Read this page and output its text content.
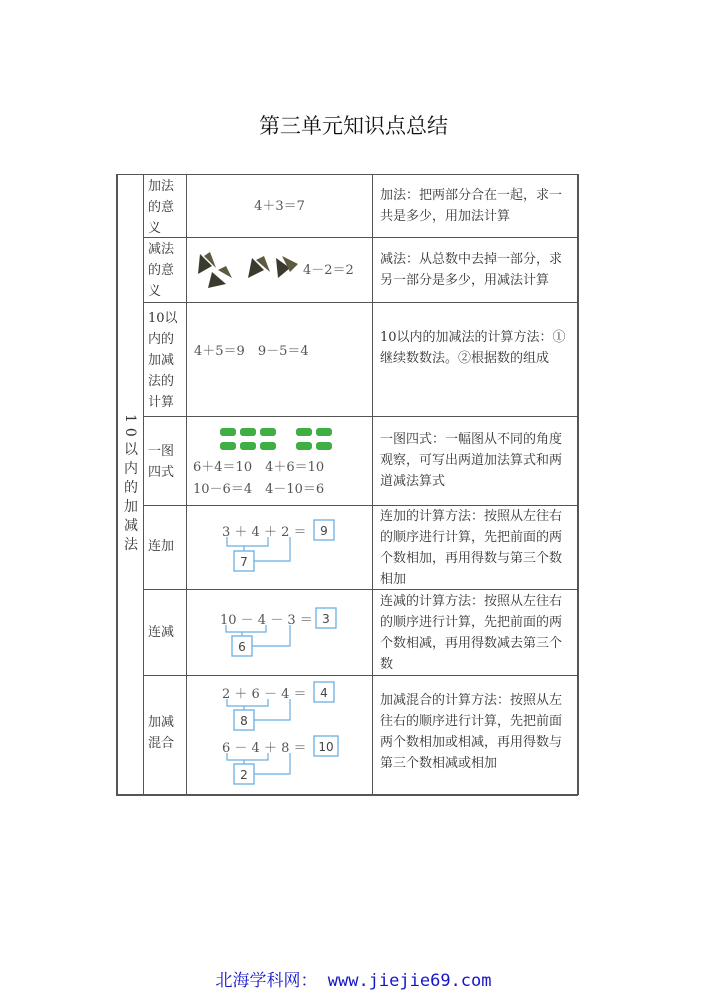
第三单元知识点总结
10以内的加减法
加法的意义
4＋3＝7
加法：把两部分合在一起，求一共是多少，用加法计算
减法的意义
4－2＝2
减法：从总数中去掉一部分，求另一部分是多少，用减法计算
10以内的加减法的计算
4＋5＝9　9－5＝4
10以内的加减法的计算方法：①继续数数法。②根据数的组成
一图四式	6＋4＝10　4＋6＝10
10－6＝4　4－10＝6
一图四式：一幅图从不同的角度观察，可写出两道加法算式和两道减法算式
连加
3 ＋ 4 ＋ 2 ＝ 9
7
连加的计算方法：按照从左往右的顺序进行计算，先把前面的两个数相加，再用得数与第三个数相加
连减
10 － 4 － 3 ＝ 3
6
连减的计算方法：按照从左往右的顺序进行计算，先把前面的两个数相减，再用得数减去第三个数
加减混合
2 ＋ 6 － 4 ＝ 4
8
6 － 4 ＋ 8 ＝ 10
2
加减混合的计算方法：按照从左往右的顺序进行计算，先把前面两个数相加或相减，再用得数与第三个数相减或相加
北海学科网： www.jiejie69.com
